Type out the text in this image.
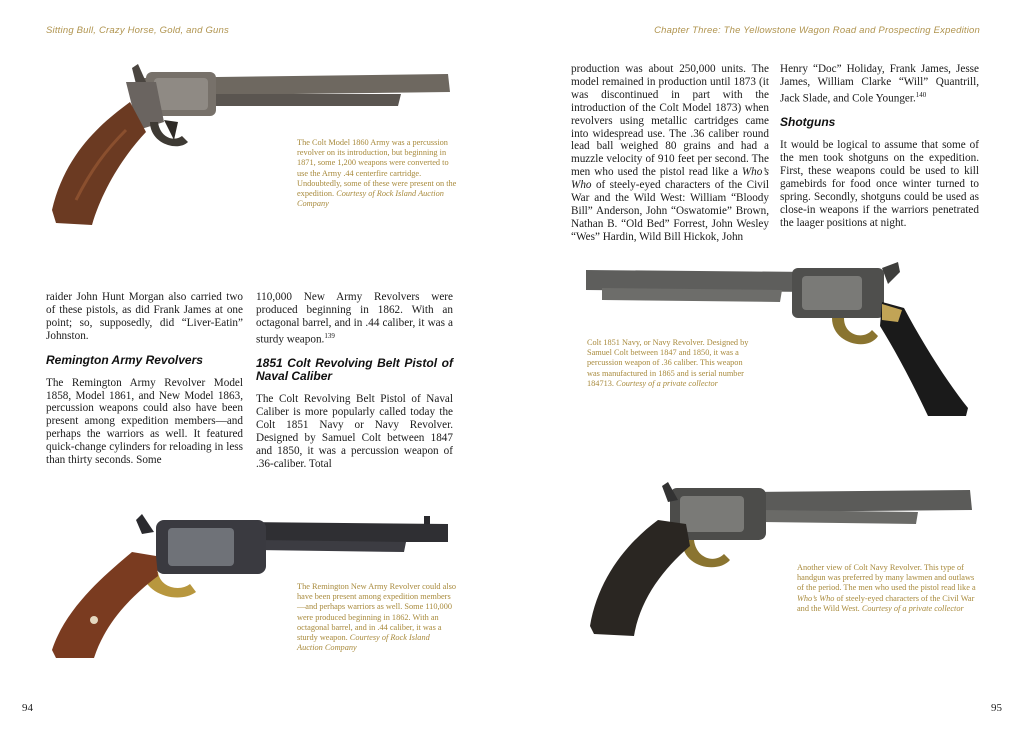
Sitting Bull, Crazy Horse, Gold, and Guns
The Colt Model 1860 Army was a percussion revolver on its introduction, but beginning in 1871, some 1,200 weapons were converted to use the Army .44 centerfire cartridge. Undoubtedly, some of these were present on the expedition. Courtesy of Rock Island Auction Company

raider John Hunt Morgan also carried two of these pistols, as did Frank James at one point; so, supposedly, did “Liver-Eatin” Johnston.

Remington Army Revolvers

The Remington Army Revolver Model 1858, Model 1861, and New Model 1863, percussion weapons could also have been present among expedition members—and perhaps the warriors as well. It featured quick-change cylinders for reloading in less than thirty seconds. Some

110,000 New Army Revolvers were produced beginning in 1862. With an octagonal barrel, and in .44 caliber, it was a sturdy weapon.$^{139}$

1851 Colt Revolving Belt Pistol of Naval Caliber

The Colt Revolving Belt Pistol of Naval Caliber is more popularly called today the Colt 1851 Navy or Navy Revolver. Designed by Samuel Colt between 1847 and 1850, it was a percussion weapon of .36-caliber. Total

The Remington New Army Revolver could also have been present among expedition members—and perhaps warriors as well. Some 110,000 were produced beginning in 1862. With an octagonal barrel, and in .44 caliber, it was a sturdy weapon. Courtesy of Rock Island Auction Company
94
Chapter Three: The Yellowstone Wagon Road and Prospecting Expedition

production was about 250,000 units. The model remained in production until 1873 (it was discontinued in part with the introduction of the Colt Model 1873) when revolvers using metallic cartridges came into widespread use. The .36 caliber round lead ball weighed 80 grains and had a muzzle velocity of 910 feet per second. The men who used the pistol read like a Who’s Who of steely-eyed characters of the Civil War and the Wild West: William “Bloody Bill” Anderson, John “Oswatomie” Brown, Nathan B. “Old Bed” Forrest, John Wesley “Wes” Hardin, Wild Bill Hickok, John

Henry “Doc” Holiday, Frank James, Jesse James, William Clarke “Will” Quantrill, Jack Slade, and Cole Younger.$^{140}$

Shotguns

It would be logical to assume that some of the men took shotguns on the expedition. First, these weapons could be used to kill gamebirds for food once winter turned to spring. Secondly, shotguns could be used as close-in weapons if the warriors penetrated the laager positions at night.

Colt 1851 Navy, or Navy Revolver. Designed by Samuel Colt between 1847 and 1850, it was a percussion weapon of .36 caliber. This weapon was manufactured in 1865 and is serial number 184713. Courtesy of a private collector
Another view of Colt Navy Revolver. This type of handgun was preferred by many lawmen and outlaws of the period. The men who used the pistol read like a Who’s Who of steely-eyed characters of the Civil War and the Wild West. Courtesy of a private collector
95
